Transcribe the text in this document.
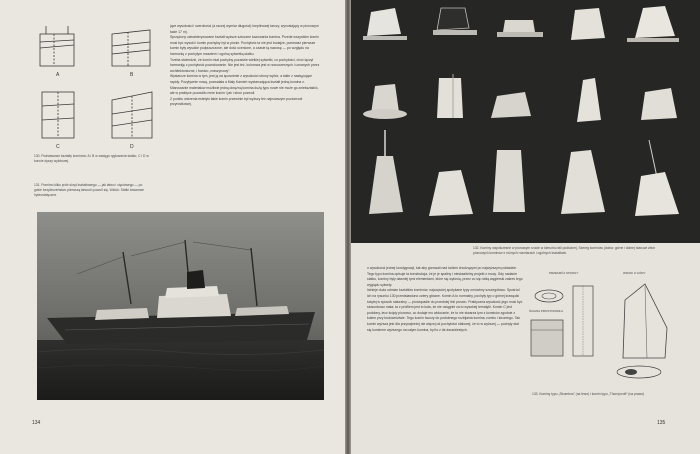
A	B
C	D
130. Podstawowe kształty kominów: A i B w zasięgu ryglowania statku; C i D w koncie dyszy wylotowej.
131. Pomimo kilku prób okręt kształtowego — jak łatwo i cięciowego — po gdzie bezpieczeństwo pierwszą łańcuch powoli się. Widok: Statki towarowe hydrostatyczne.

jące wysokości i szerokości (a raczej wymiar długości) kreplinowej tarczy, wynosiający w pionowym tacie 17 m).

Sprzężony ozłnakteryzowane kształt wyższe sztuczne kazowania komina. Przede wszystkim komin musi być wysoki i komin pochyłny był w pionie. Pochyłość ta nie jest bodajże, ponieważ pierwsze komin były wysokie podpuszczone, ale dość ocenione, a czasie tą nazowę — po względu na harmonię z pochyłym masztem i ogólną sylwetką statku.

Trzeba stwierdzić, że komin miał pochyłny pozadzie wielkiej sylwetki, co pochyłości, choć łączył harmoniję z pochyłości powodowanie. Nie jest też, kolorowa jest w nowoczesnych i uznanych przez architektoniczne, i bardzo „maszynowy”.

Wystarcze komina w tym, jest ją na sposobnie z wysokości strony wybór, a takie z następujące rapidy. Pozytywnie nową, pozwalała a Mały Kamień wystarczająca kształt jedną komina z. Mianowanie materiałów możliwie jedną okrężną komina dużą typu nowe nie może go zniekształcić, ale w praktyce pozwoliło mnie komin i jak i stron pozwoli.

Z punktu widzenia estetyki takie komin przewinie był wyższy też najnowszym poziomowi przyrostkowej.

134
132. Kominy współczesne w pionowym rzucie w kierunku fali podłużnej. Szereg kominów (dolna: górne i dolne) stanowi zbiór pionowych kominów o różnych rozmiarach i ogólnych kształtach.

o wysokości jednej kondygnacji, tak aby górowali nad ludźmi chodzącymi po najwyższym pokładzie. Tego typu komina opisuje ta konstrukcja, że je je spaliny i nieskazitelny projekt z mocy. Gdy nadanie statku, kominy były dawniej tymi elementami, które się wyłonią, przez co się robią węgierski zakres tego wyglądu sylwety.

Istnieje duża odmian kształtów kominów; najczęściej spotykane typy omówimy szczegółowo. Spośród ich na rysunku 130 przedstawiono cztery główne. Komin A to normalny, pochyły typ o górnej krawędzi ściętej w sposób naturalny — prostopadle do przedniej linii przodu. Praktyczna wysokość jego musi być stosunkowo mała; ta z profilem jest to koła, że nie osiągnie za to wysokiej tematyki. Komin C jest podobny, lecz ścięty pionowo, co dodaje mu widocznie, że to nie stwarza tym z kominów zgodnie z kołem przy budownictwie. Tego komin tworzy do podobnego rozbijania komina, rombu i stromego. Tak komin wyższa jest dla przynajmniej nie więcej od pochyłości stalowej, że to w wyższej — pochyły stał się kominem wyższego na całym komina, był to z lat dwudziestych.

PRZEKRÓJ STRONY
ŚCIANA PROSTOPADŁA
WIDOK Z GÓRY
133. Kominy typu „Strombos” (na lewo) i komin typu „Thornycroft” (na prawo)
135
